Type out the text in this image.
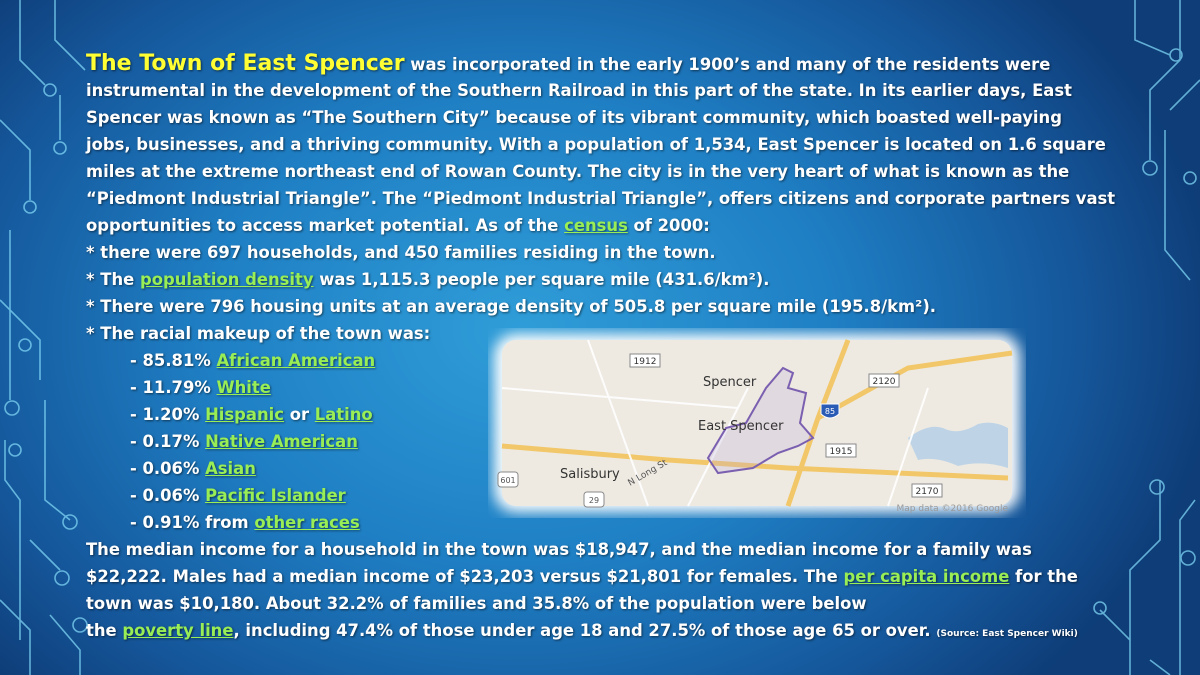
The Town of East Spencer was incorporated in the early 1900’s and many of the residents were
instrumental in the development of the Southern Railroad in this part of the state. In its earlier days, East
Spencer was known as “The Southern City” because of its vibrant community, which boasted well-paying
jobs, businesses, and a thriving community. With a population of 1,534, East Spencer is located on 1.6 square
miles at the extreme northeast end of Rowan County. The city is in the very heart of what is known as the
“Piedmont Industrial Triangle”. The “Piedmont Industrial Triangle”, offers citizens and corporate partners vast
opportunities to access market potential. As of the census of 2000:
* there were 697 households, and 450 families residing in the town.
* The population density was 1,115.3 people per square mile (431.6/km²).
* There were 796 housing units at an average density of 505.8 per square mile (195.8/km²).
* The racial makeup of the town was:
- 85.81% African American
- 11.79% White
- 1.20% Hispanic or Latino
- 0.17% Native American
- 0.06% Asian
- 0.06% Pacific Islander
- 0.91% from other races
The median income for a household in the town was $18,947, and the median income for a family was
$22,222. Males had a median income of $23,203 versus $21,801 for females. The per capita income for the
town was $10,180. About 32.2% of families and 35.8% of the population were below
the poverty line, including 47.4% of those under age 18 and 27.5% of those age 65 or over. (Source: East Spencer Wiki)
1912
2120
1915
2170
85
601
29
Spencer
East Spencer
Salisbury N Long St
Map data ©2016 Google
